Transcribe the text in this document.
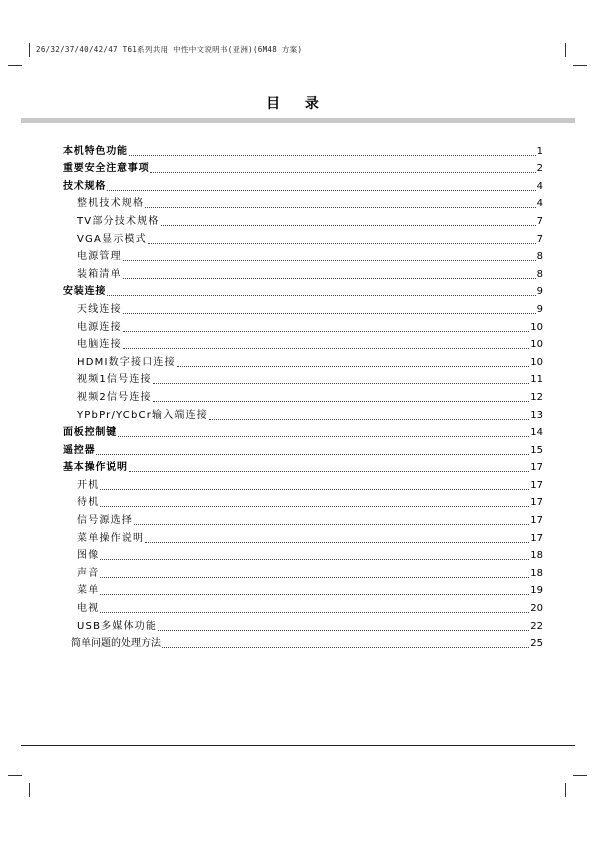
26/32/37/40/42/47 T61系列共用 中性中文说明书(亚洲)(6M48 方案)
目 录
本机特色功能	1
重要安全注意事项	2
技术规格	4
整机技术规格	4
TV部分技术规格	7
VGA显示模式	7
电源管理	8
装箱清单	8
安装连接	9
天线连接	9
电源连接	10
电脑连接	10
HDMI数字接口连接	10
视频1信号连接	11
视频2信号连接	12
YPbPr/YCbCr输入端连接	13
面板控制键	14
遥控器	15
基本操作说明	17
开机	17
待机	17
信号源选择	17
菜单操作说明	17
图像	18
声音	18
菜单	19
电视	20
USB多媒体功能	22
简单问题的处理方法	25
